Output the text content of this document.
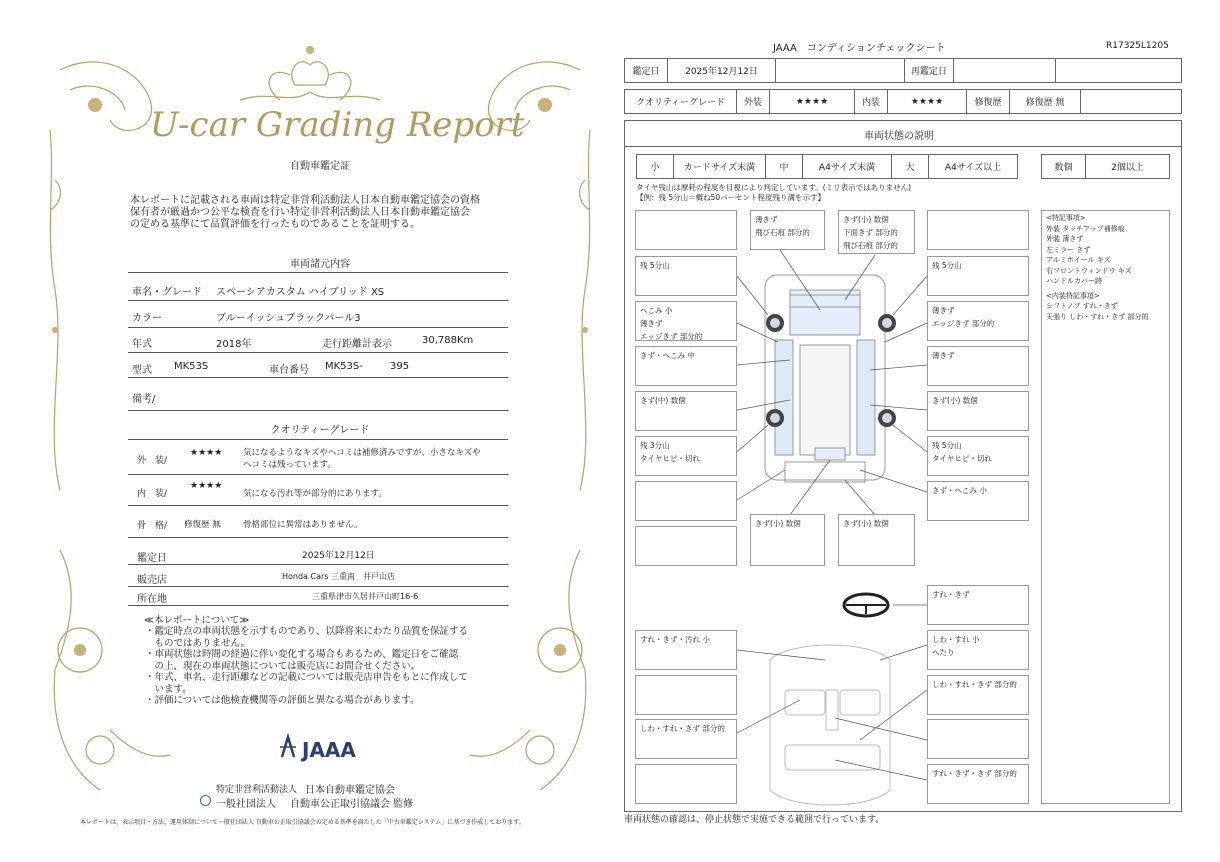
U-car Grading Report
自動車鑑定証
本レポートに記載される車両は特定非営利活動法人日本自動車鑑定協会の資格
保有者が厳過かつ公平な検査を行い特定非営利活動法人日本自動車鑑定協会
の定める基準にて品質評価を行ったものであることを証明する。
車両諸元内容
車名・グレード スペーシアカスタム ハイブリッド XS
カラー	ブルーイッシュブラックパール3
年式	2018年	走行距離計表示	30,788Km
型式 MK53S	車台番号 MK53S-	395
備考/
クオリティーグレード
外　装/
★★★★ 気になるようなキズやヘコミは補修済みですが、小さなキズや
ヘコミは残っています。
内　装/
★★★★
気になる汚れ等が部分的にあります。
骨　格/ 修復歴 無	骨格部位に異常はありません。
鑑定日	2025年12月12日
販売店	Honda Cars 三重南　井戸山店
所在地	三重県津市久居井戸山町16-6
≪本レポートについて≫
・鑑定時点の車両状態を示すものであり、以降将来にわたり品質を保証する
　ものではありません。
・車両状態は時間の経過に伴い変化する場合もあるため、鑑定日をご確認
　の上、現在の車両状態については販売店にお問合せください。
・年式、車名、走行距離などの記載については販売店申告をもとに作成して
　います。
・評価については他検査機関等の評価と異なる場合があります。
JAAA
特定非営利活動法人 日本自動車鑑定協会
一般社団法人 自動車公正取引協議会 監修
本レポートは、表示項目・方法、運用体制について一般社団法人 自動車公正取引協議会の定める基準を満たした「中古車鑑定システム」に基づき作成しております。
JAAA　コンディションチェックシート	R17325L1205
鑑定日	2025年12月12日	再鑑定日
クオリティーグレード 外装	★★★★	内装	★★★★	修復歴	修復歴 無
車両状態の説明
小	カードサイズ未満	中	A4サイズ未満	大	A4サイズ以上	数個	2個以上
タイヤ残山は摩耗の程度を目視により判定しています。(ミリ表示ではありません)
【例：残 5分山＝概ね50パーセント程度残り溝を示す】
薄きず
飛び石痕 部分的
きず(小) 数個
下面きず 部分的
飛び石痕 部分的
残 5分山	残 5分山
へこみ 小
薄きず
エッジきず 部分的
薄きず
エッジきず 部分的
きず・へこみ 中	薄きず
きず(中) 数個	きず(小) 数個
残 3分山
タイヤヒビ・切れ
残 5分山
タイヤヒビ・切れ
きず・へこみ 小
きず(小) 数個	きず(小) 数個
すれ・きず
すれ・きず・汚れ 小	しわ・すれ 小
へたり
しわ・すれ・きず 部分的
しわ・すれ・きず 部分的
すれ・きず・きず 部分的
<特記事項>
外装 タッチアップ補修痕
外装 薄きず
左ミラー きず
アルミホイール キズ
右フロントウィンドウ キズ
ハンドルカバー跡
<内装特記事項>
シフトノブ すれ・きず
天張り しわ・すれ・きず 部分的
車両状態の確認は、停止状態で実施できる範囲で行っています。
